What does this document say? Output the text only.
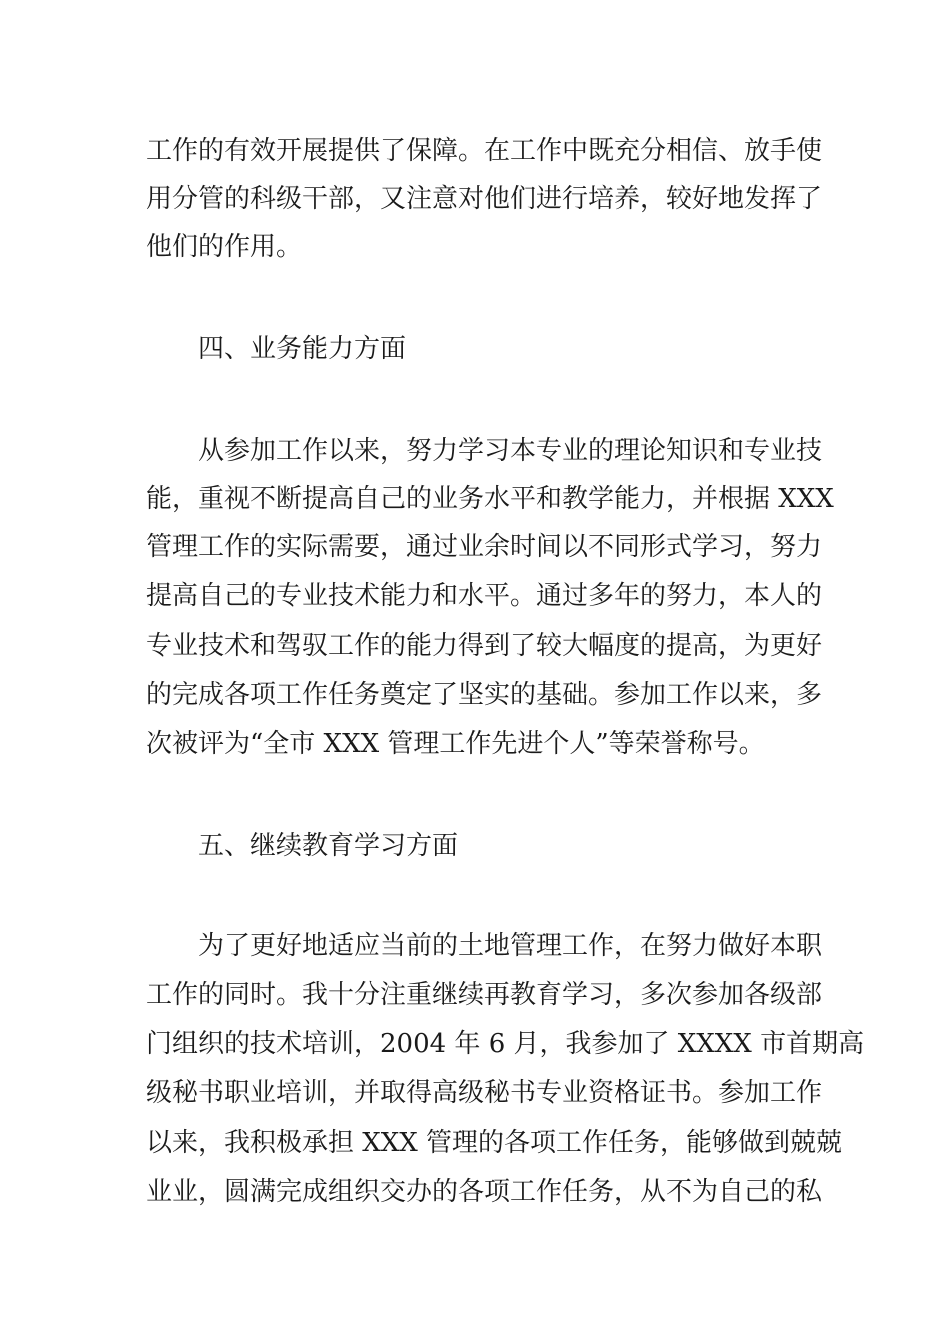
工作的有效开展提供了保障。在工作中既充分相信、放手使
用分管的科级干部，又注意对他们进行培养，较好地发挥了
他们的作用。
四、业务能力方面
从参加工作以来，努力学习本专业的理论知识和专业技
能，重视不断提高自己的业务水平和教学能力，并根据 XXX
管理工作的实际需要，通过业余时间以不同形式学习，努力
提高自己的专业技术能力和水平。通过多年的努力，本人的
专业技术和驾驭工作的能力得到了较大幅度的提高，为更好
的完成各项工作任务奠定了坚实的基础。参加工作以来，多
次被评为“全市 XXX 管理工作先进个人”等荣誉称号。
五、继续教育学习方面
为了更好地适应当前的土地管理工作，在努力做好本职
工作的同时。我十分注重继续再教育学习，多次参加各级部
门组织的技术培训，2004 年 6 月，我参加了 XXXX 市首期高
级秘书职业培训，并取得高级秘书专业资格证书。参加工作
以来，我积极承担 XXX 管理的各项工作任务，能够做到兢兢
业业，圆满完成组织交办的各项工作任务，从不为自己的私
